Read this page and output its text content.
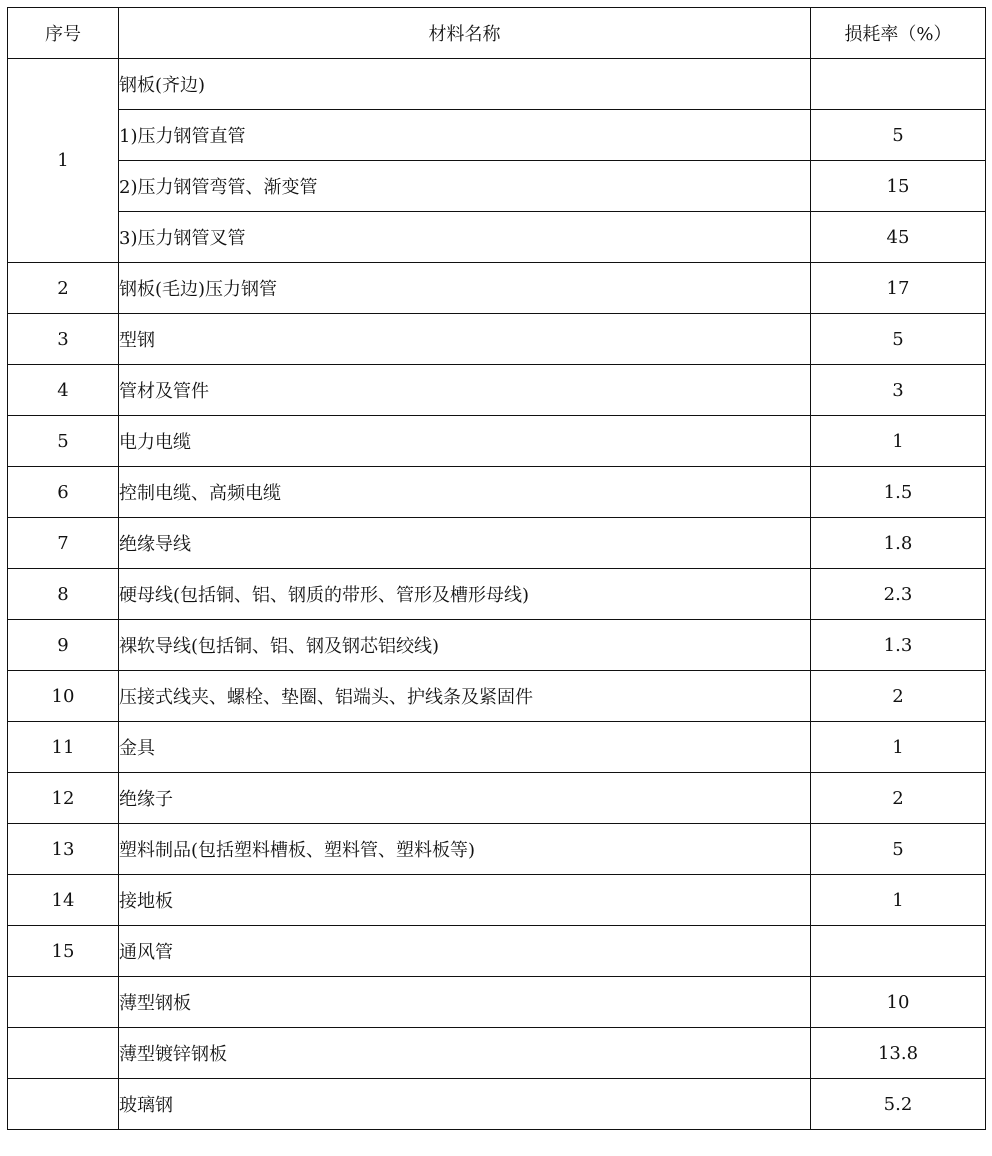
序号	材料名称	损耗率（%）
1	钢板(齐边)	
	1)压力钢管直管	5
	2)压力钢管弯管、渐变管	15
	3)压力钢管叉管	45
2	钢板(毛边)压力钢管	17
3	型钢	5
4	管材及管件	3
5	电力电缆	1
6	控制电缆、高频电缆	1.5
7	绝缘导线	1.8
8	硬母线(包括铜、铝、钢质的带形、管形及槽形母线)	2.3
9	裸软导线(包括铜、铝、钢及钢芯铝绞线)	1.3
10	压接式线夹、螺栓、垫圈、铝端头、护线条及紧固件	2
11	金具	1
12	绝缘子	2
13	塑料制品(包括塑料槽板、塑料管、塑料板等)	5
14	接地板	1
15	通风管	
	薄型钢板	10
	薄型镀锌钢板	13.8
	玻璃钢	5.2
